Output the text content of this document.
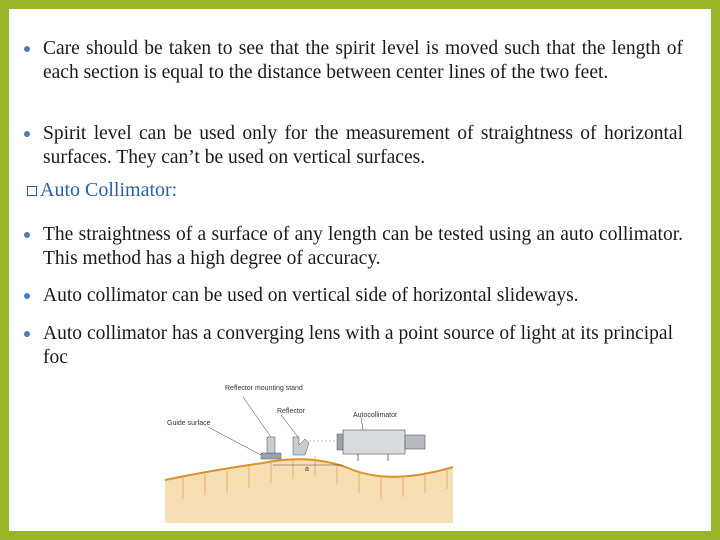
Care should be taken to see that the spirit level is moved such that the length of each section is equal to the distance between center lines of the two feet.
Spirit level can be used only for the measurement of straightness of horizontal surfaces. They can’t be used on vertical surfaces.
Auto Collimator:
The straightness of a surface of any length can be tested using an auto collimator. This method has a high degree of accuracy.
Auto collimator can be used on vertical side of horizontal slideways.
Auto collimator has a converging lens with a point source of light at its principal foc
a
Reflector mounting stand
Reflector
Autocollimator
Guide surface
